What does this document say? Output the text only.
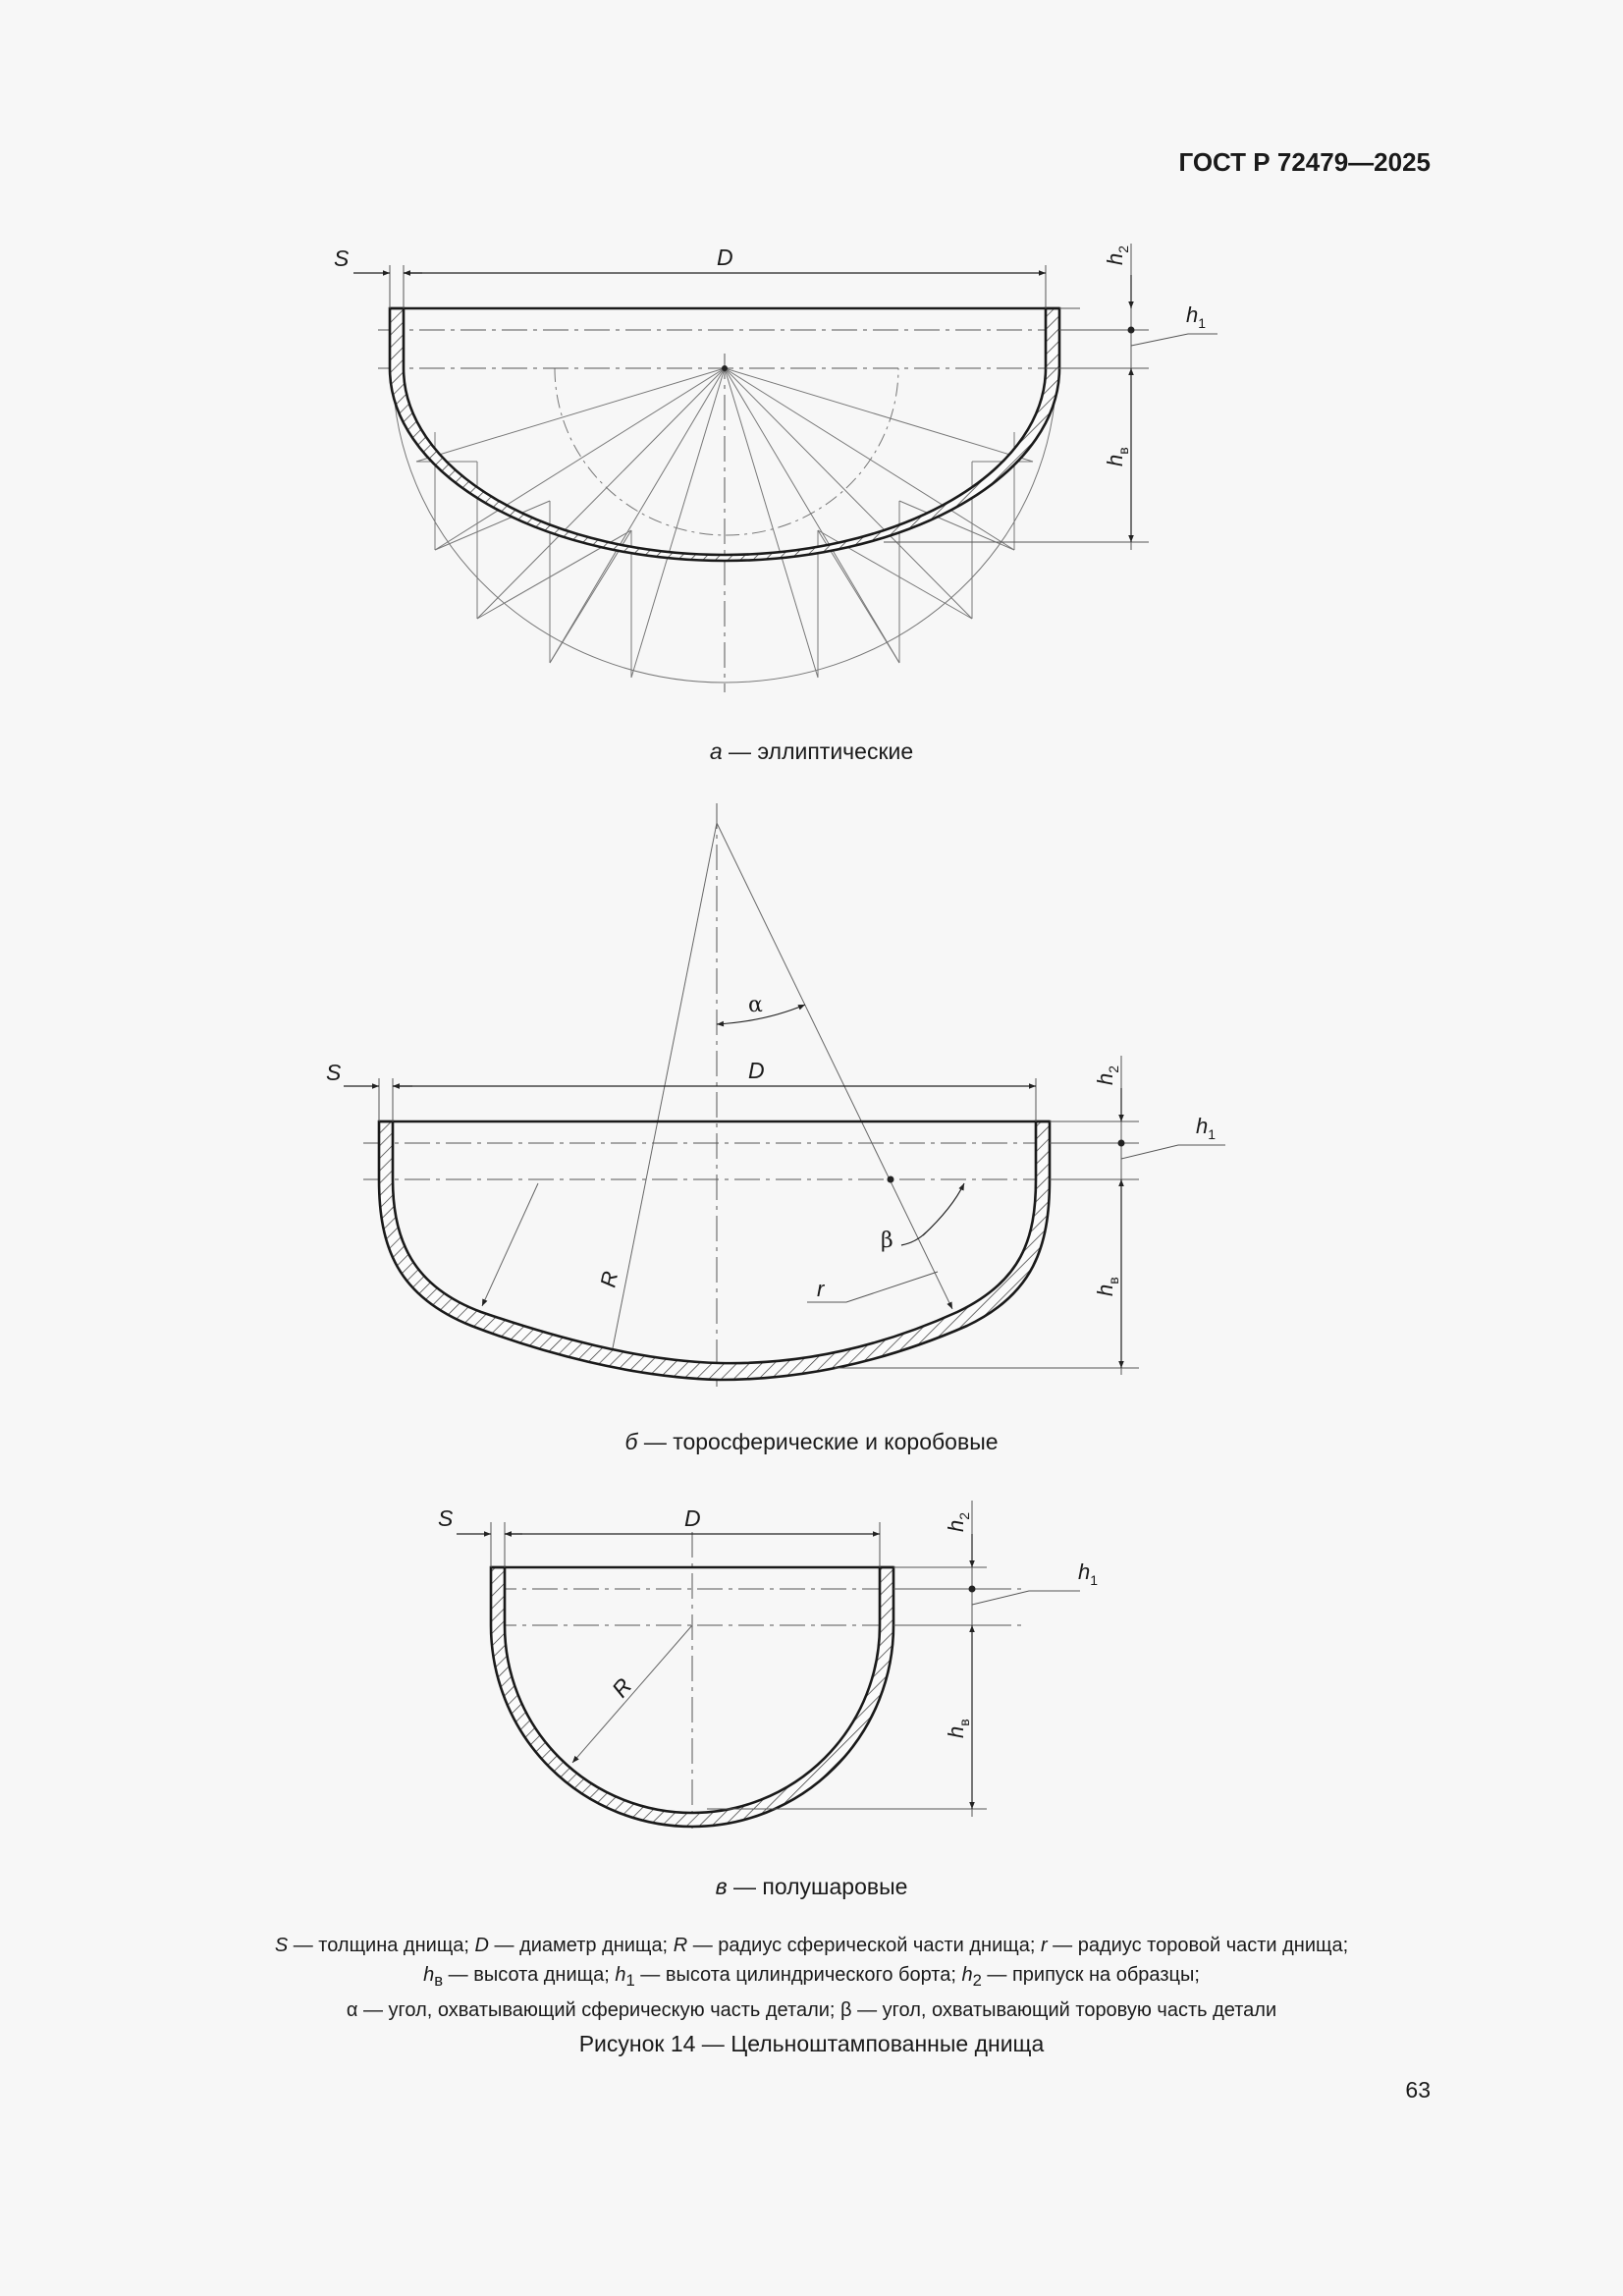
ГОСТ Р 72479—2025
S	D	$h_2$
$h_1$
$h_в$
S	D
α
β
r
R
$h_2$
$h_1$
$h_в$
S	D
R
$h_2$
$h_1$
$h_в$
а — эллиптические
б — торосферические и коробовые
в — полушаровые
S — толщина днища; D — диаметр днища; R — радиус сферической части днища; r — радиус торовой части днища;
$h_в$ — высота днища; $h_1$ — высота цилиндрического борта; $h_2$ — припуск на образцы;
α — угол, охватывающий сферическую часть детали; β — угол, охватывающий торовую часть детали
Рисунок 14 — Цельноштампованные днища
63
